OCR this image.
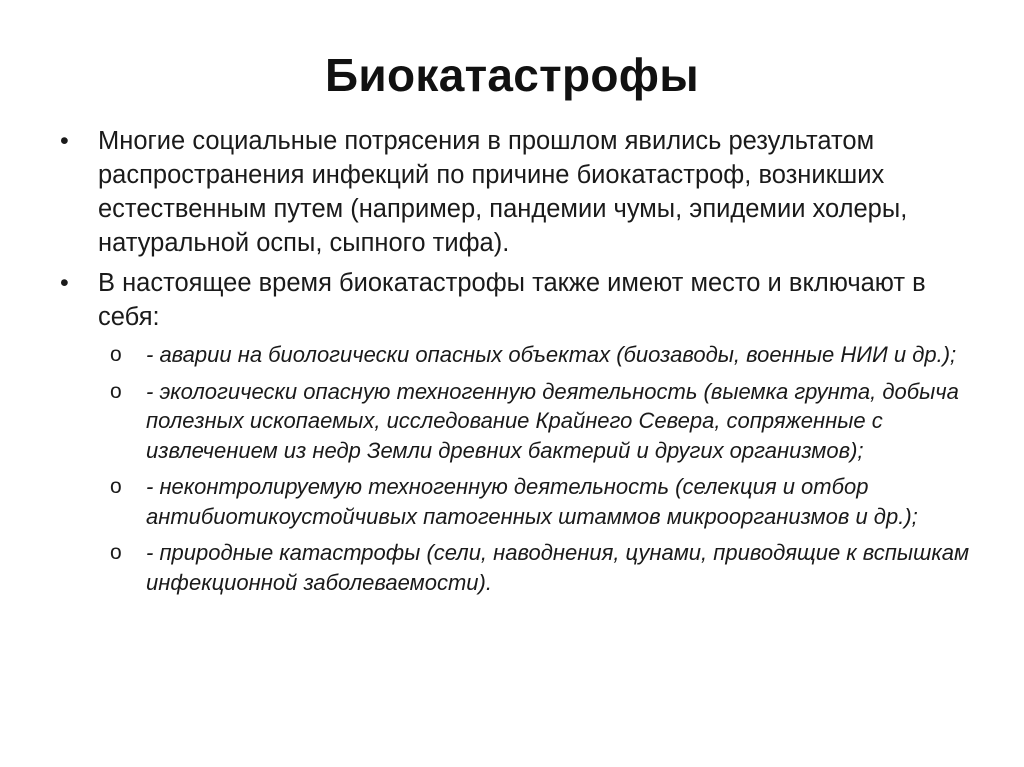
Биокатастрофы
• Многие социальные потрясения в прошлом явились результатом распространения инфекций по причине биокатастроф, возникших естественным путем (например, пандемии чумы, эпидемии холеры, натуральной оспы, сыпного тифа).
• В настоящее время биокатастрофы также имеют место и включают в себя:
o - аварии на биологически опасных объектах (биозаводы, военные НИИ и др.);
o - экологически опасную техногенную деятельность (выемка грунта, добыча полезных ископаемых, исследование Крайнего Севера, сопряженные с извлечением из недр Земли древних бактерий и других организмов);
o - неконтролируемую техногенную деятельность (селекция и отбор антибиотикоустойчивых патогенных штаммов микроорганизмов и др.);
o - природные катастрофы (сели, наводнения, цунами, приводящие к вспышкам инфекционной заболеваемости).
